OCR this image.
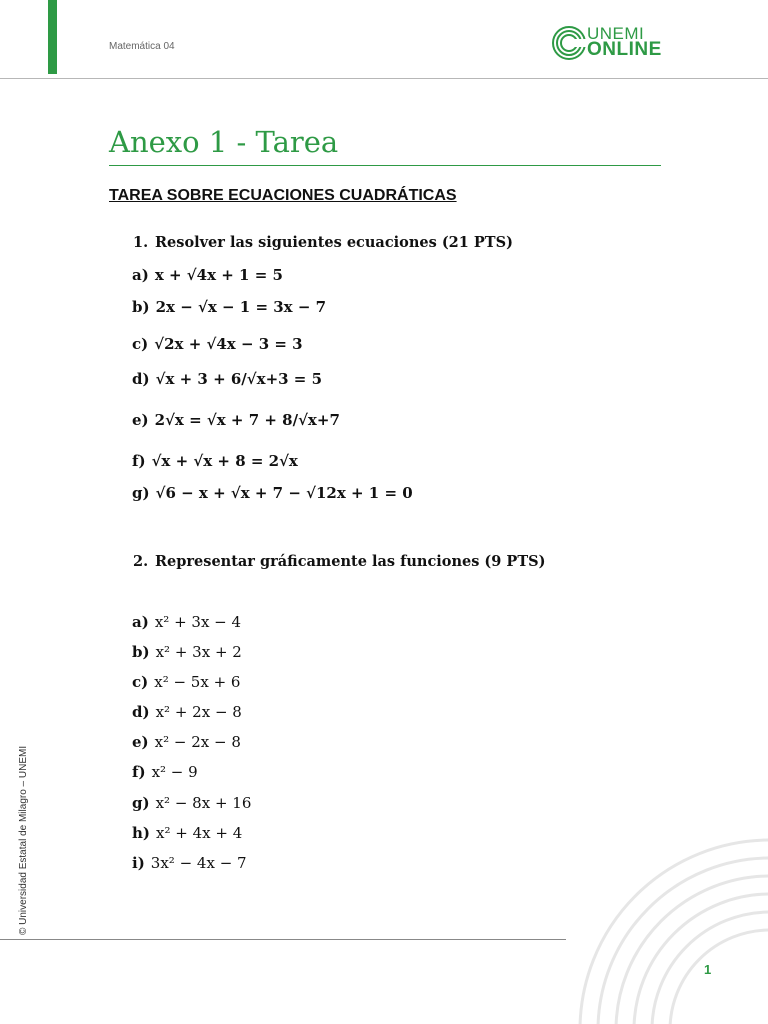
Matemática 04
UNEMI
ONLINE
Anexo 1 - Tarea
TAREA SOBRE ECUACIONES CUADRÁTICAS
1. Resolver las siguientes ecuaciones (21 PTS)
a) x + √4x + 1 = 5
b) 2x − √x − 1 = 3x − 7
c) √2x + √4x − 3 = 3
d) √x + 3 + 6/√x+3 = 5
e) 2√x = √x + 7 + 8/√x+7
f) √x + √x + 8 = 2√x
g) √6 − x + √x + 7 − √12x + 1 = 0
2. Representar gráficamente las funciones (9 PTS)
a) x² + 3x − 4
b) x² + 3x + 2
c) x² − 5x + 6
d) x² + 2x − 8
e) x² − 2x − 8
f) x² − 9
g) x² − 8x + 16
h) x² + 4x + 4
i) 3x² − 4x − 7
© Universidad Estatal de Milagro – UNEMI
1
